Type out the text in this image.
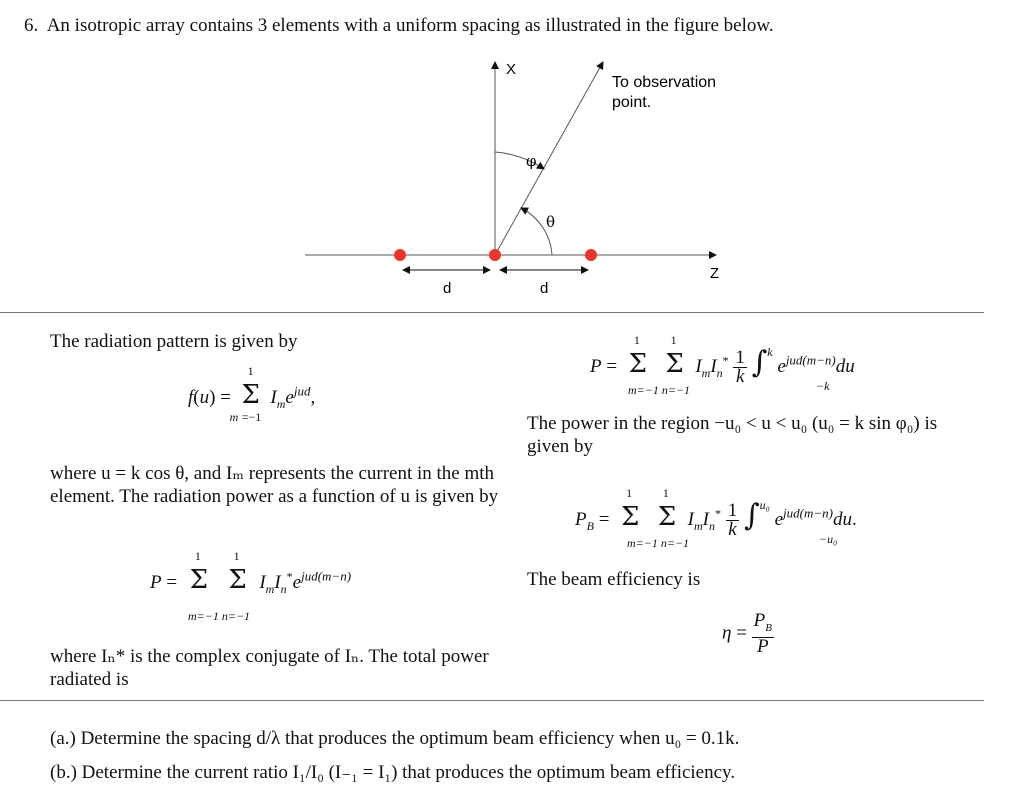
6. An isotropic array contains 3 elements with a uniform spacing as illustrated in the figure below.
X
Z
To observation
point.
φ
θ
d	d
The radiation pattern is given by
f(u) =
1
Σ
m =−1
$I_me^{jud}$,
where u = k cos θ, and Iₘ represents the current in the mth element. The radiation power as a function of u is given by
P =
1
Σ
1
Σ $I_mI_n^*e^{jud(m-n)}$
m=−1 n=−1
where Iₙ* is the complex conjugate of Iₙ. The total power radiated is
P =
1
Σ
1
Σ $I_mI_n^* \frac{1}{k} \int^k$ $e^{jud(m-n)}du$
m=−1 n=−1	−k
The power in the region −u₀ < u < u₀ (u₀ = k sin φ₀) is given by
$P_B$ =
1
Σ
1
Σ $I_mI_n^* \frac{1}{k} \int^{u_0}$ $e^{jud(m-n)}du$.
m=−1 n=−1	−u₀
The beam efficiency is
$\eta = \frac{P_B}{P}$
(a.) Determine the spacing d/λ that produces the optimum beam efficiency when u₀ = 0.1k.
(b.) Determine the current ratio I₁/I₀ (I₋₁ = I₁) that produces the optimum beam efficiency.
